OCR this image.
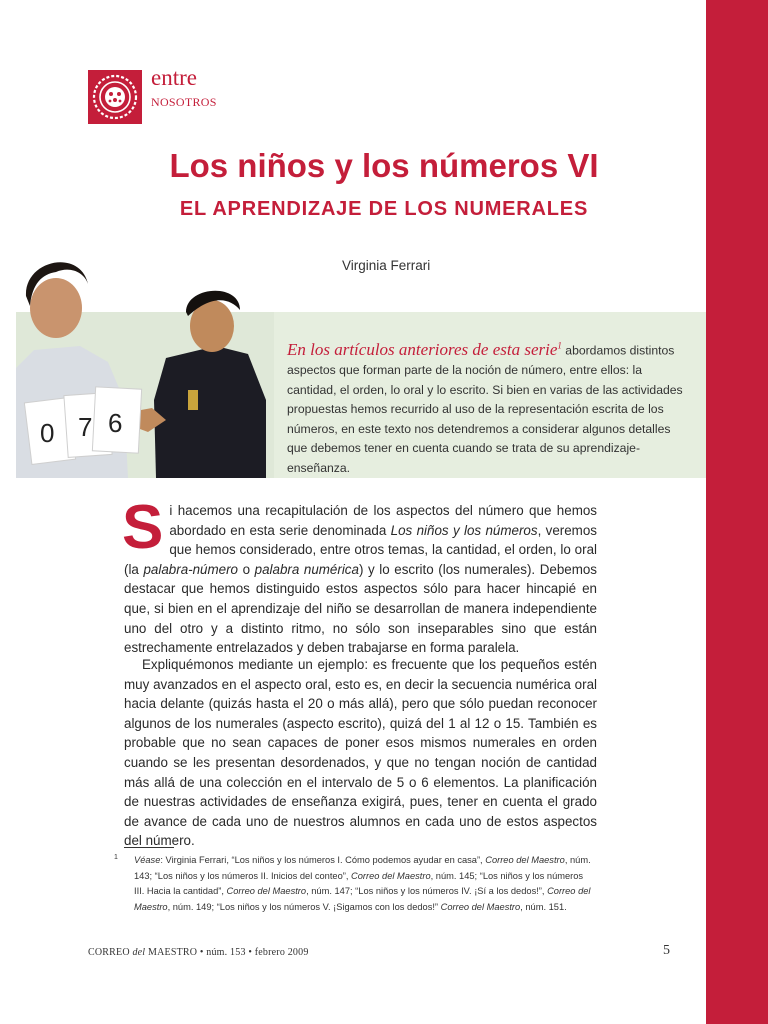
entre
NOSOTROS
Los niños y los números VI
EL APRENDIZAJE DE LOS NUMERALES
Virginia Ferrari
0 7 6

En los artículos anteriores de esta serie$^1$ abordamos distintos aspectos que forman parte de la noción de número, entre ellos: la cantidad, el orden, lo oral y lo escrito. Si bien en varias de las actividades propuestas hemos recurrido al uso de la representación escrita de los números, en este texto nos detendremos a considerar algunos detalles que debemos tener en cuenta cuando se trata de su aprendizaje-enseñanza.

Si hacemos una recapitulación de los aspectos del número que hemos abordado en esta serie denominada Los niños y los números, veremos que hemos considerado, entre otros temas, la cantidad, el orden, lo oral (la palabra-número o palabra numérica) y lo escrito (los numerales). Debemos destacar que hemos distinguido estos aspectos sólo para hacer hincapié en que, si bien en el aprendizaje del niño se desarrollan de manera independiente uno del otro y a distinto ritmo, no sólo son inseparables sino que están estrechamente entrelazados y deben trabajarse en forma paralela.

Expliquémonos mediante un ejemplo: es frecuente que los pequeños estén muy avanzados en el aspecto oral, esto es, en decir la secuencia numérica oral hacia delante (quizás hasta el 20 o más allá), pero que sólo puedan reconocer algunos de los numerales (aspecto escrito), quizá del 1 al 12 o 15. También es probable que no sean capaces de poner esos mismos numerales en orden cuando se les presentan desordenados, y que no tengan noción de cantidad más allá de una colección en el intervalo de 5 o 6 elementos. La planificación de nuestras actividades de enseñanza exigirá, pues, tener en cuenta el grado de avance de cada uno de nuestros alumnos en cada uno de estos aspectos del número.

1 Véase: Virginia Ferrari, “Los niños y los números I. Cómo podemos ayudar en casa”, Correo del Maestro, núm.
143; “Los niños y los números II. Inicios del conteo”, Correo del Maestro, núm. 145; “Los niños y los números
III. Hacia la cantidad”, Correo del Maestro, núm. 147; “Los niños y los números IV. ¡Sí a los dedos!”, Correo del
Maestro, núm. 149; “Los niños y los números V. ¡Sigamos con los dedos!” Correo del Maestro, núm. 151.
CORREO del MAESTRO • núm. 153 • febrero 2009	5
